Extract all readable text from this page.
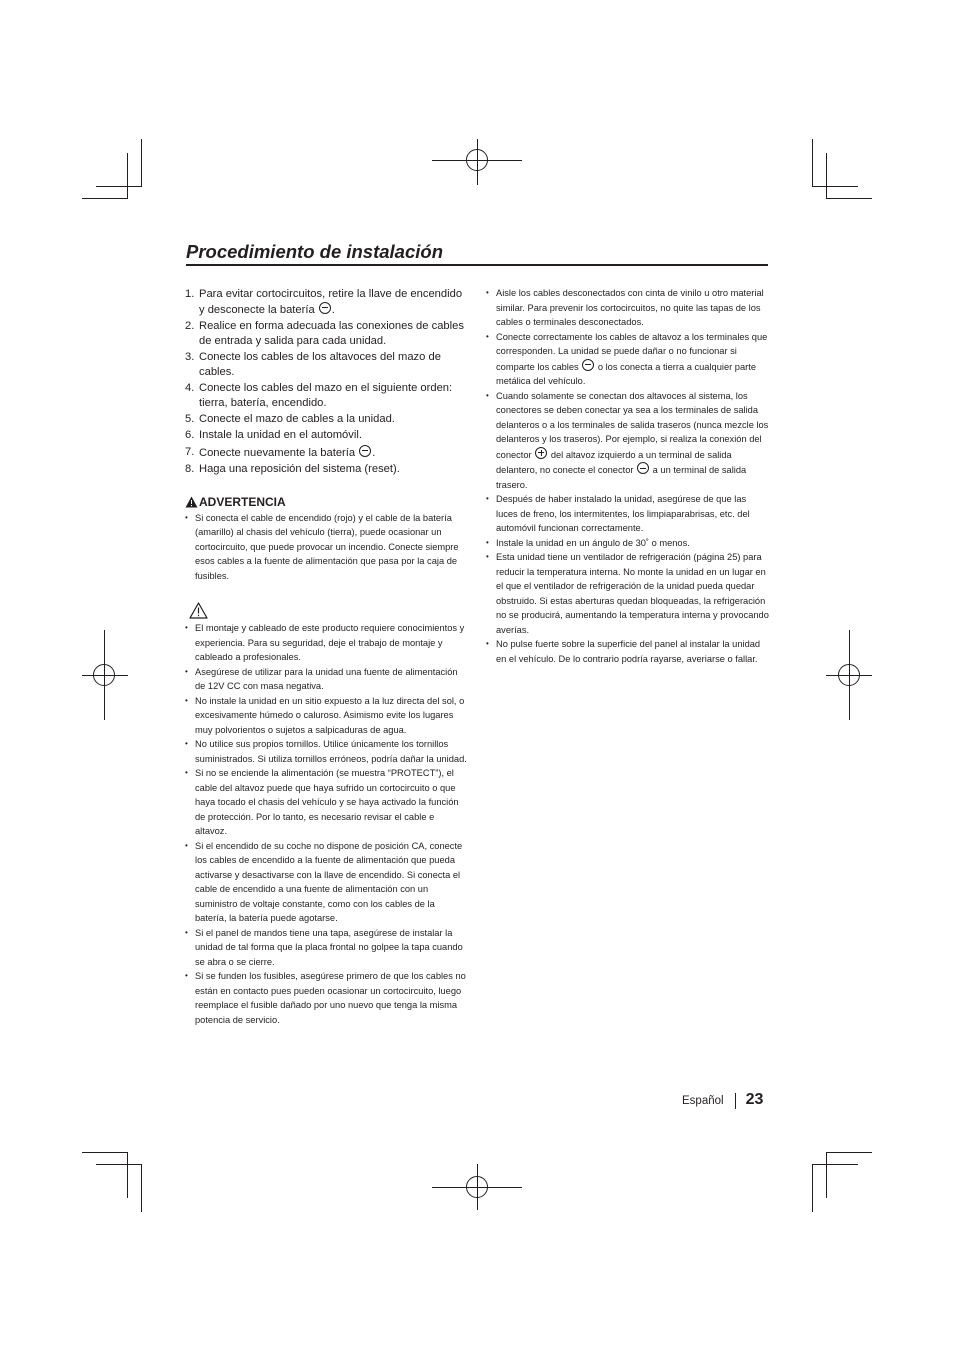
Procedimiento de instalación
1. Para evitar cortocircuitos, retire la llave de encendido y desconecte la batería .
2. Realice en forma adecuada las conexiones de cables de entrada y salida para cada unidad.
3. Conecte los cables de los altavoces del mazo de cables.
4. Conecte los cables del mazo en el siguiente orden: tierra, batería, encendido.
5. Conecte el mazo de cables a la unidad.
6. Instale la unidad en el automóvil.
7. Conecte nuevamente la batería .
8. Haga una reposición del sistema (reset).
ADVERTENCIA
• Si conecta el cable de encendido (rojo) y el cable de la batería (amarillo) al chasis del vehículo (tierra), puede ocasionar un cortocircuito, que puede provocar un incendio. Conecte siempre esos cables a la fuente de alimentación que pasa por la caja de fusibles.
• El montaje y cableado de este producto requiere conocimientos y experiencia. Para su seguridad, deje el trabajo de montaje y cableado a profesionales.
• Asegúrese de utilizar para la unidad una fuente de alimentación de 12V CC con masa negativa.
• No instale la unidad en un sitio expuesto a la luz directa del sol, o excesivamente húmedo o caluroso. Asimismo evite los lugares muy polvorientos o sujetos a salpicaduras de agua.
• No utilice sus propios tornillos. Utilice únicamente los tornillos suministrados. Si utiliza tornillos erróneos, podría dañar la unidad.
• Si no se enciende la alimentación (se muestra “PROTECT”), el cable del altavoz puede que haya sufrido un cortocircuito o que haya tocado el chasis del vehículo y se haya activado la función de protección. Por lo tanto, es necesario revisar el cable e altavoz.
• Si el encendido de su coche no dispone de posición CA, conecte los cables de encendido a la fuente de alimentación que pueda activarse y desactivarse con la llave de encendido. Si conecta el cable de encendido a una fuente de alimentación con un suministro de voltaje constante, como con los cables de la batería, la batería puede agotarse.
• Si el panel de mandos tiene una tapa, asegúrese de instalar la unidad de tal forma que la placa frontal no golpee la tapa cuando se abra o se cierre.
• Si se funden los fusibles, asegúrese primero de que los cables no están en contacto pues pueden ocasionar un cortocircuito, luego reemplace el fusible dañado por uno nuevo que tenga la misma potencia de servicio.
• Aisle los cables desconectados con cinta de vinilo u otro material similar. Para prevenir los cortocircuitos, no quite las tapas de los cables o terminales desconectados.
• Conecte correctamente los cables de altavoz a los terminales que corresponden. La unidad se puede dañar o no funcionar si comparte los cables  o los conecta a tierra a cualquier parte metálica del vehículo.
• Cuando solamente se conectan dos altavoces al sistema, los conectores se deben conectar ya sea a los terminales de salida delanteros o a los terminales de salida traseros (nunca mezcle los delanteros y los traseros). Por ejemplo, si realiza la conexión del conector  del altavoz izquierdo a un terminal de salida delantero, no conecte el conector  a un terminal de salida trasero.
• Después de haber instalado la unidad, asegúrese de que las luces de freno, los intermitentes, los limpiaparabrisas, etc. del automóvil funcionan correctamente.
• Instale la unidad en un ángulo de 30˚ o menos.
• Esta unidad tiene un ventilador de refrigeración (página 25) para reducir la temperatura interna. No monte la unidad en un lugar en el que el ventilador de refrigeración de la unidad pueda quedar obstruido. Si estas aberturas quedan bloqueadas, la refrigeración no se producirá, aumentando la temperatura interna y provocando averías.
• No pulse fuerte sobre la superficie del panel al instalar la unidad en el vehículo. De lo contrario podría rayarse, averiarse o fallar.
Español 23
